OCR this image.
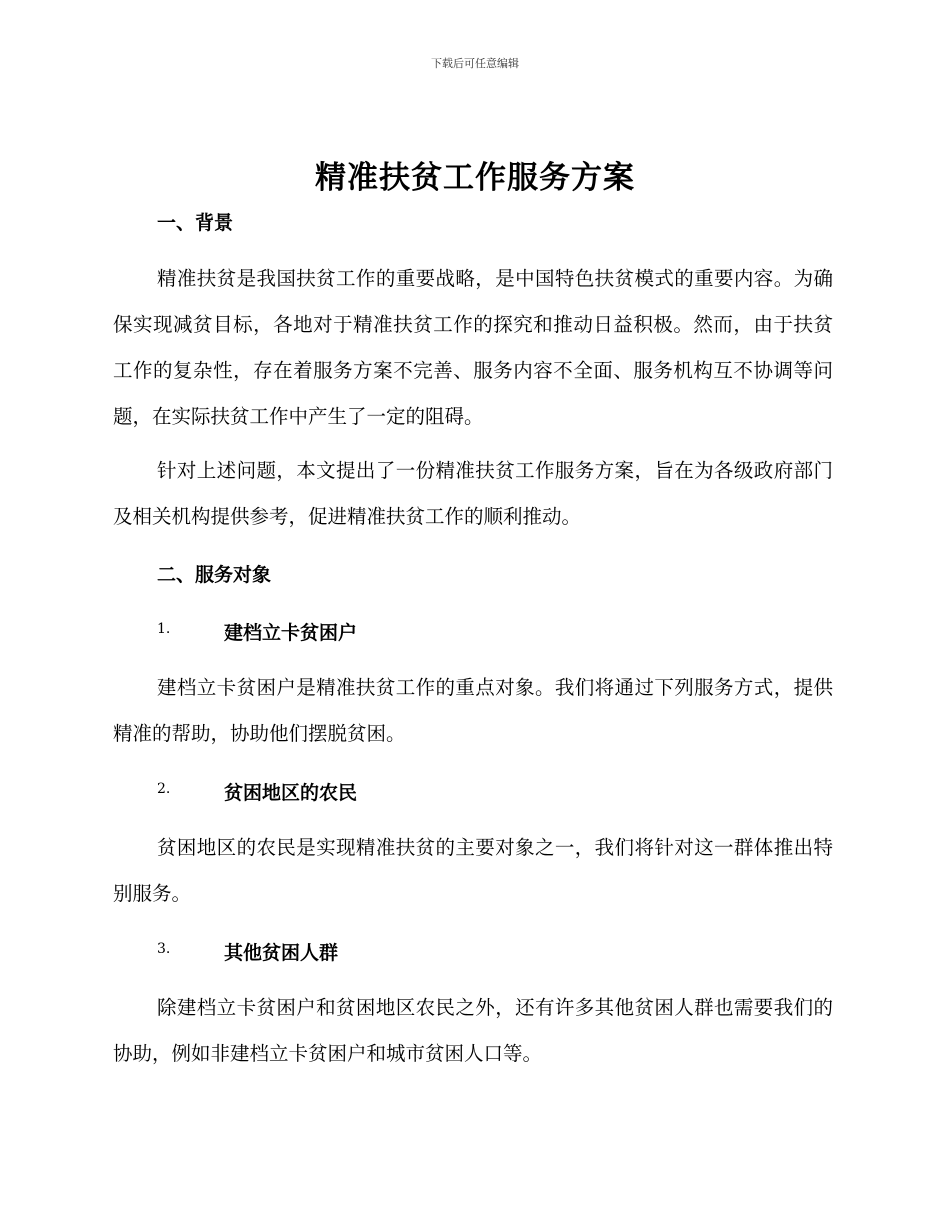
下载后可任意编辑
精准扶贫工作服务方案
一、背景

精准扶贫是我国扶贫工作的重要战略，是中国特色扶贫模式的重要内容。为确保实现减贫目标，各地对于精准扶贫工作的探究和推动日益积极。然而，由于扶贫工作的复杂性，存在着服务方案不完善、服务内容不全面、服务机构互不协调等问题，在实际扶贫工作中产生了一定的阻碍。

针对上述问题，本文提出了一份精准扶贫工作服务方案，旨在为各级政府部门及相关机构提供参考，促进精准扶贫工作的顺利推动。

二、服务对象
1.	建档立卡贫困户

建档立卡贫困户是精准扶贫工作的重点对象。我们将通过下列服务方式，提供精准的帮助，协助他们摆脱贫困。

2.	贫困地区的农民

贫困地区的农民是实现精准扶贫的主要对象之一，我们将针对这一群体推出特别服务。

3.	其他贫困人群

除建档立卡贫困户和贫困地区农民之外，还有许多其他贫困人群也需要我们的协助，例如非建档立卡贫困户和城市贫困人口等。
